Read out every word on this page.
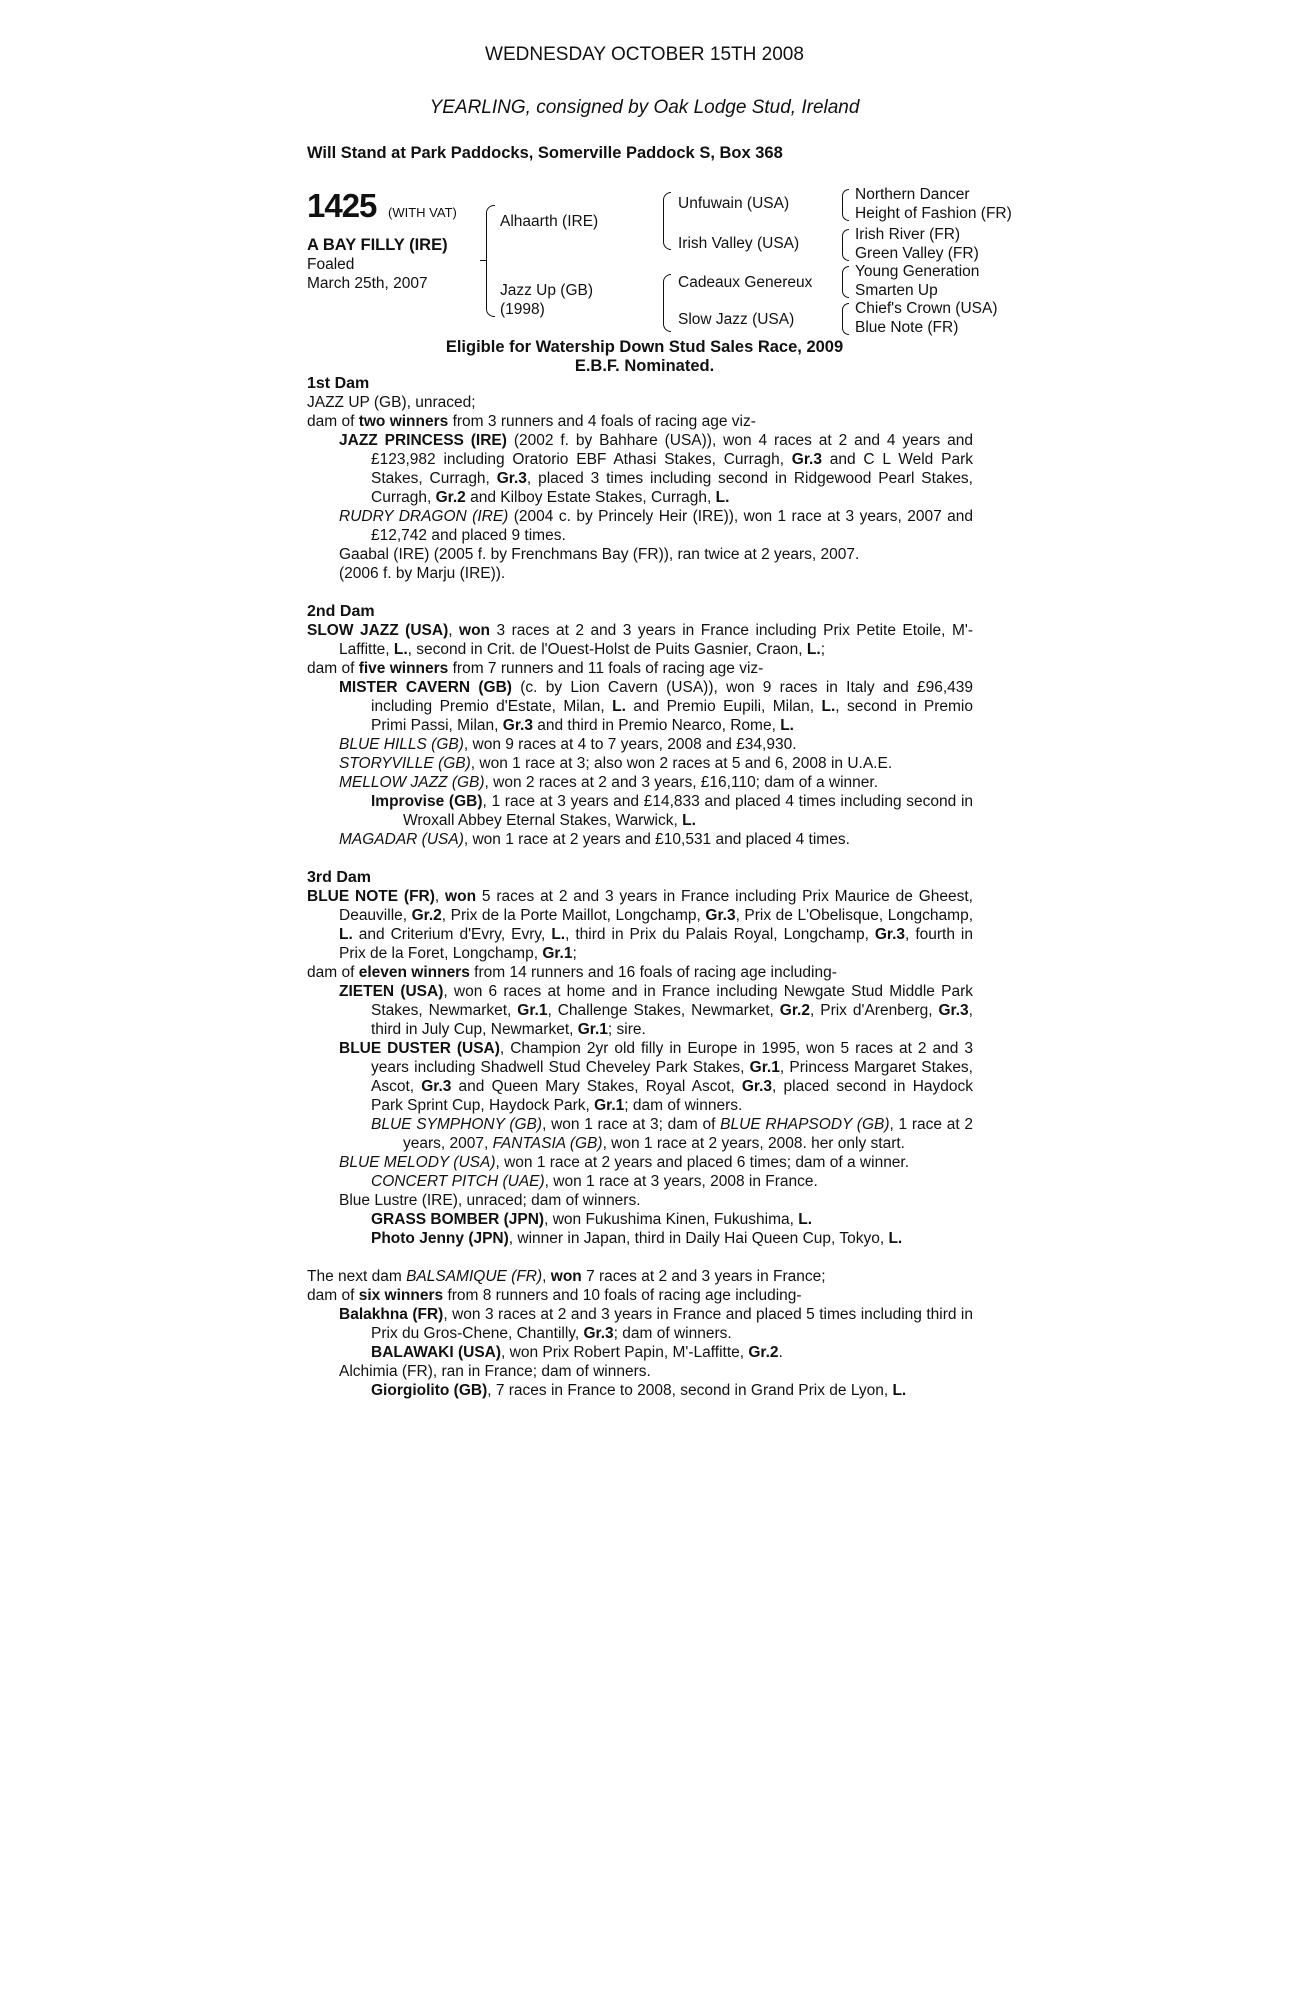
WEDNESDAY OCTOBER 15TH 2008
YEARLING, consigned by Oak Lodge Stud, Ireland
Will Stand at Park Paddocks, Somerville Paddock S, Box 368
1425 (WITH VAT)
A BAY FILLY (IRE)
Foaled
March 25th, 2007
Alhaarth (IRE)
Jazz Up (GB)
(1998)
Unfuwain (USA)
Irish Valley (USA)
Cadeaux Genereux
Slow Jazz (USA)
Northern Dancer
Height of Fashion (FR)
Irish River (FR)
Green Valley (FR)
Young Generation
Smarten Up
Chief's Crown (USA)
Blue Note (FR)
Eligible for Watership Down Stud Sales Race, 2009
E.B.F. Nominated.

1st Dam

JAZZ UP (GB), unraced;

dam of two winners from 3 runners and 4 foals of racing age viz-

JAZZ PRINCESS (IRE) (2002 f. by Bahhare (USA)), won 4 races at 2 and 4 years and £123,982 including Oratorio EBF Athasi Stakes, Curragh, Gr.3 and C L Weld Park Stakes, Curragh, Gr.3, placed 3 times including second in Ridgewood Pearl Stakes, Curragh, Gr.2 and Kilboy Estate Stakes, Curragh, L.

RUDRY DRAGON (IRE) (2004 c. by Princely Heir (IRE)), won 1 race at 3 years, 2007 and £12,742 and placed 9 times.

Gaabal (IRE) (2005 f. by Frenchmans Bay (FR)), ran twice at 2 years, 2007.

(2006 f. by Marju (IRE)).

2nd Dam

SLOW JAZZ (USA), won 3 races at 2 and 3 years in France including Prix Petite Etoile, M'-Laffitte, L., second in Crit. de l'Ouest-Holst de Puits Gasnier, Craon, L.;

dam of five winners from 7 runners and 11 foals of racing age viz-

MISTER CAVERN (GB) (c. by Lion Cavern (USA)), won 9 races in Italy and £96,439 including Premio d'Estate, Milan, L. and Premio Eupili, Milan, L., second in Premio Primi Passi, Milan, Gr.3 and third in Premio Nearco, Rome, L.

BLUE HILLS (GB), won 9 races at 4 to 7 years, 2008 and £34,930.

STORYVILLE (GB), won 1 race at 3; also won 2 races at 5 and 6, 2008 in U.A.E.

MELLOW JAZZ (GB), won 2 races at 2 and 3 years, £16,110; dam of a winner.

Improvise (GB), 1 race at 3 years and £14,833 and placed 4 times including second in Wroxall Abbey Eternal Stakes, Warwick, L.

MAGADAR (USA), won 1 race at 2 years and £10,531 and placed 4 times.

3rd Dam

BLUE NOTE (FR), won 5 races at 2 and 3 years in France including Prix Maurice de Gheest, Deauville, Gr.2, Prix de la Porte Maillot, Longchamp, Gr.3, Prix de L'Obelisque, Longchamp, L. and Criterium d'Evry, Evry, L., third in Prix du Palais Royal, Longchamp, Gr.3, fourth in Prix de la Foret, Longchamp, Gr.1;

dam of eleven winners from 14 runners and 16 foals of racing age including-

ZIETEN (USA), won 6 races at home and in France including Newgate Stud Middle Park Stakes, Newmarket, Gr.1, Challenge Stakes, Newmarket, Gr.2, Prix d'Arenberg, Gr.3, third in July Cup, Newmarket, Gr.1; sire.

BLUE DUSTER (USA), Champion 2yr old filly in Europe in 1995, won 5 races at 2 and 3 years including Shadwell Stud Cheveley Park Stakes, Gr.1, Princess Margaret Stakes, Ascot, Gr.3 and Queen Mary Stakes, Royal Ascot, Gr.3, placed second in Haydock Park Sprint Cup, Haydock Park, Gr.1; dam of winners.

BLUE SYMPHONY (GB), won 1 race at 3; dam of BLUE RHAPSODY (GB), 1 race at 2 years, 2007, FANTASIA (GB), won 1 race at 2 years, 2008. her only start.

BLUE MELODY (USA), won 1 race at 2 years and placed 6 times; dam of a winner.

CONCERT PITCH (UAE), won 1 race at 3 years, 2008 in France.

Blue Lustre (IRE), unraced; dam of winners.

GRASS BOMBER (JPN), won Fukushima Kinen, Fukushima, L.

Photo Jenny (JPN), winner in Japan, third in Daily Hai Queen Cup, Tokyo, L.

The next dam BALSAMIQUE (FR), won 7 races at 2 and 3 years in France;

dam of six winners from 8 runners and 10 foals of racing age including-

Balakhna (FR), won 3 races at 2 and 3 years in France and placed 5 times including third in Prix du Gros-Chene, Chantilly, Gr.3; dam of winners.

BALAWAKI (USA), won Prix Robert Papin, M'-Laffitte, Gr.2.

Alchimia (FR), ran in France; dam of winners.

Giorgiolito (GB), 7 races in France to 2008, second in Grand Prix de Lyon, L.
